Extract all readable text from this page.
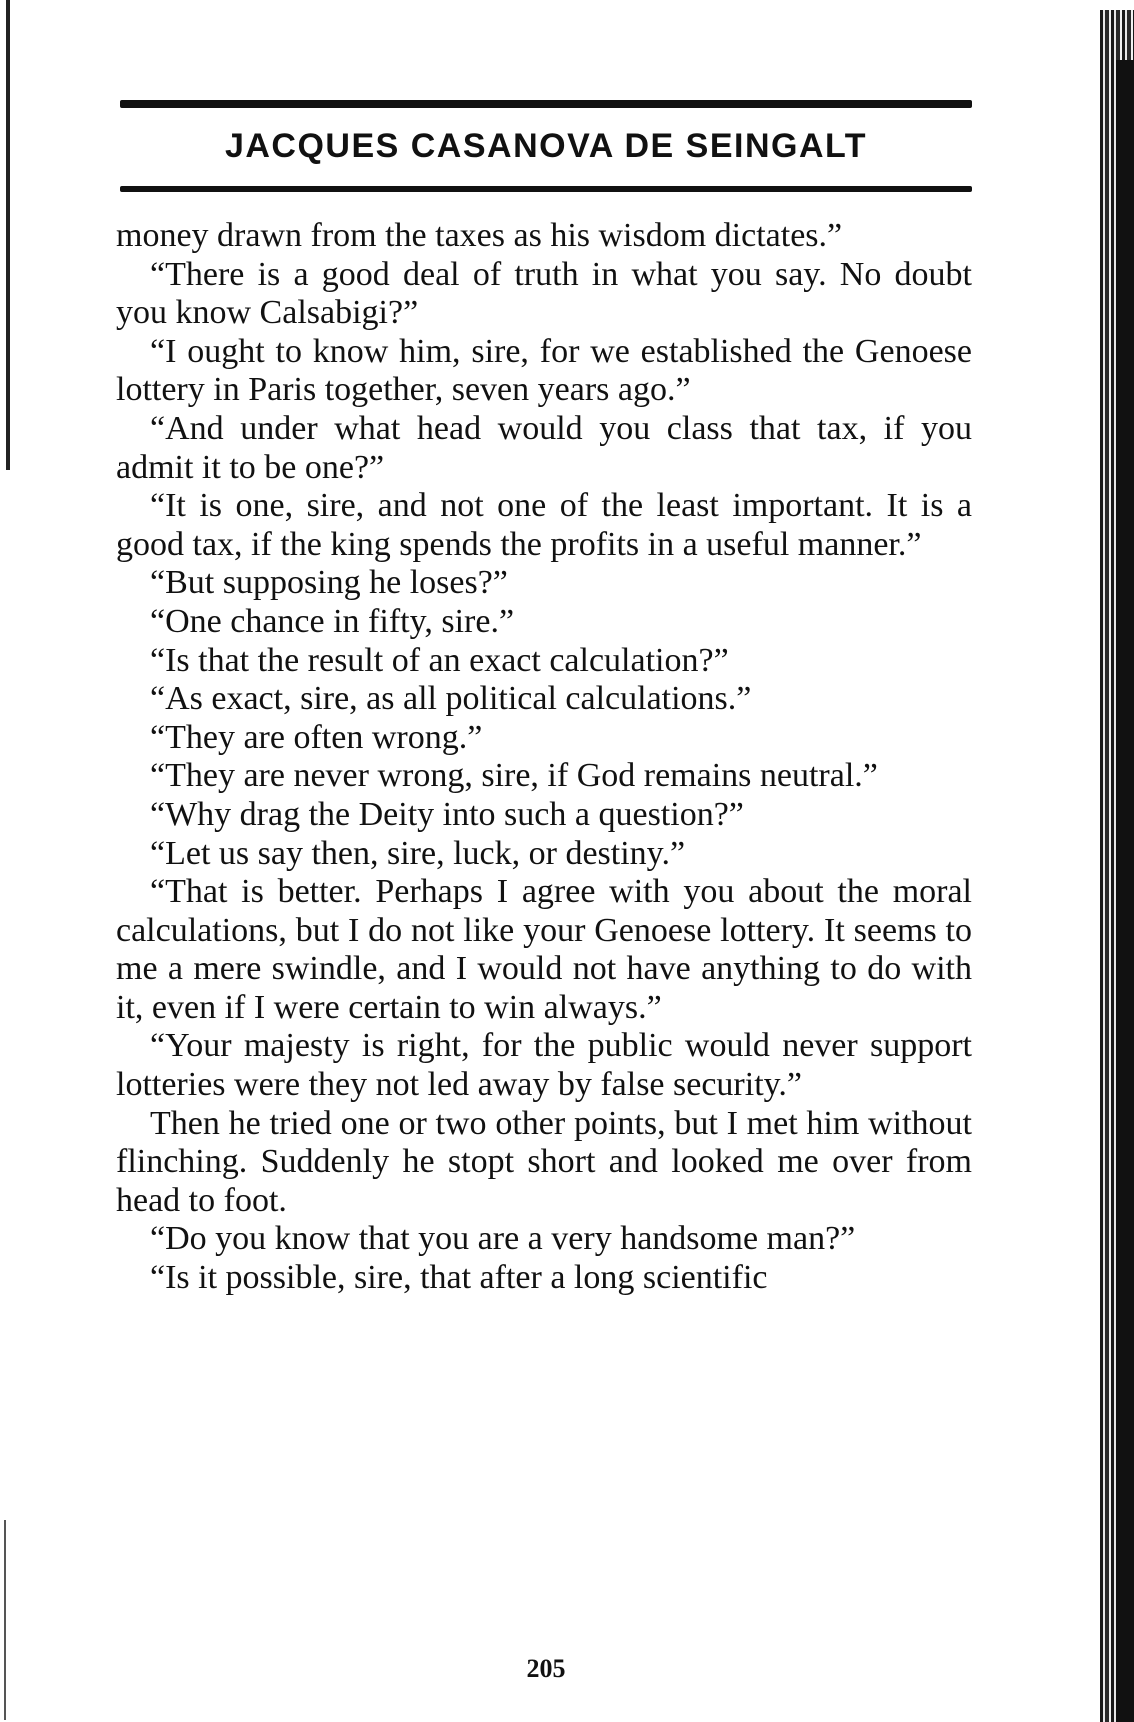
JACQUES CASANOVA DE SEINGALT

money drawn from the taxes as his wisdom dictates.”

“There is a good deal of truth in what you say. No doubt you know Calsabigi?”

“I ought to know him, sire, for we established the Genoese lottery in Paris together, seven years ago.”

“And under what head would you class that tax, if you admit it to be one?”

“It is one, sire, and not one of the least important. It is a good tax, if the king spends the profits in a useful manner.”

“But supposing he loses?”

“One chance in fifty, sire.”

“Is that the result of an exact calculation?”

“As exact, sire, as all political calculations.”

“They are often wrong.”

“They are never wrong, sire, if God remains neutral.”

“Why drag the Deity into such a question?”

“Let us say then, sire, luck, or destiny.”

“That is better. Perhaps I agree with you about the moral calculations, but I do not like your Genoese lottery. It seems to me a mere swindle, and I would not have anything to do with it, even if I were certain to win always.”

“Your majesty is right, for the public would never support lotteries were they not led away by false security.”

Then he tried one or two other points, but I met him without flinching. Suddenly he stopt short and looked me over from head to foot.

“Do you know that you are a very handsome man?”

“Is it possible, sire, that after a long scientific

205
